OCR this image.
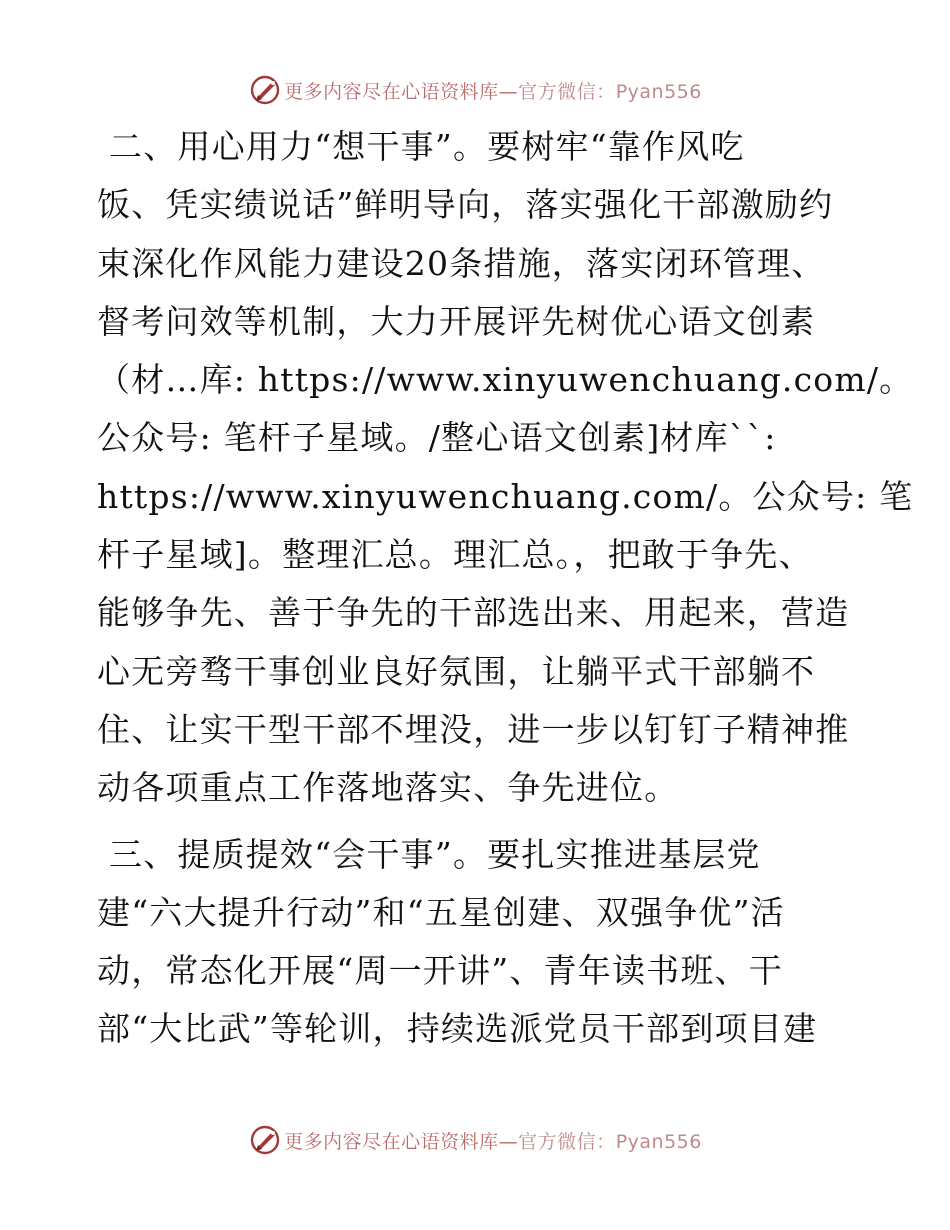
更多内容尽在心语资料库—官方微信：Pyan556

二、用心用力“想干事”。要树牢“靠作风吃
饭、凭实绩说话”鲜明导向，落实强化干部激励约
束深化作风能力建设20条措施，落实闭环管理、
督考问效等机制，大力开展评先树优心语文创素
（材…库: https://www.xinyuwenchuang.com/。
公众号: 笔杆子星域。/整心语文创素]材库``:
https://www.xinyuwenchuang.com/。公众号: 笔
杆子星域]。整理汇总。理汇总。，把敢于争先、
能够争先、善于争先的干部选出来、用起来，营造
心无旁骛干事创业良好氛围，让躺平式干部躺不
住、让实干型干部不埋没，进一步以钉钉子精神推
动各项重点工作落地落实、争先进位。

三、提质提效“会干事”。要扎实推进基层党
建“六大提升行动”和“五星创建、双强争优”活
动，常态化开展“周一开讲”、青年读书班、干
部“大比武”等轮训，持续选派党员干部到项目建

更多内容尽在心语资料库—官方微信：Pyan556
